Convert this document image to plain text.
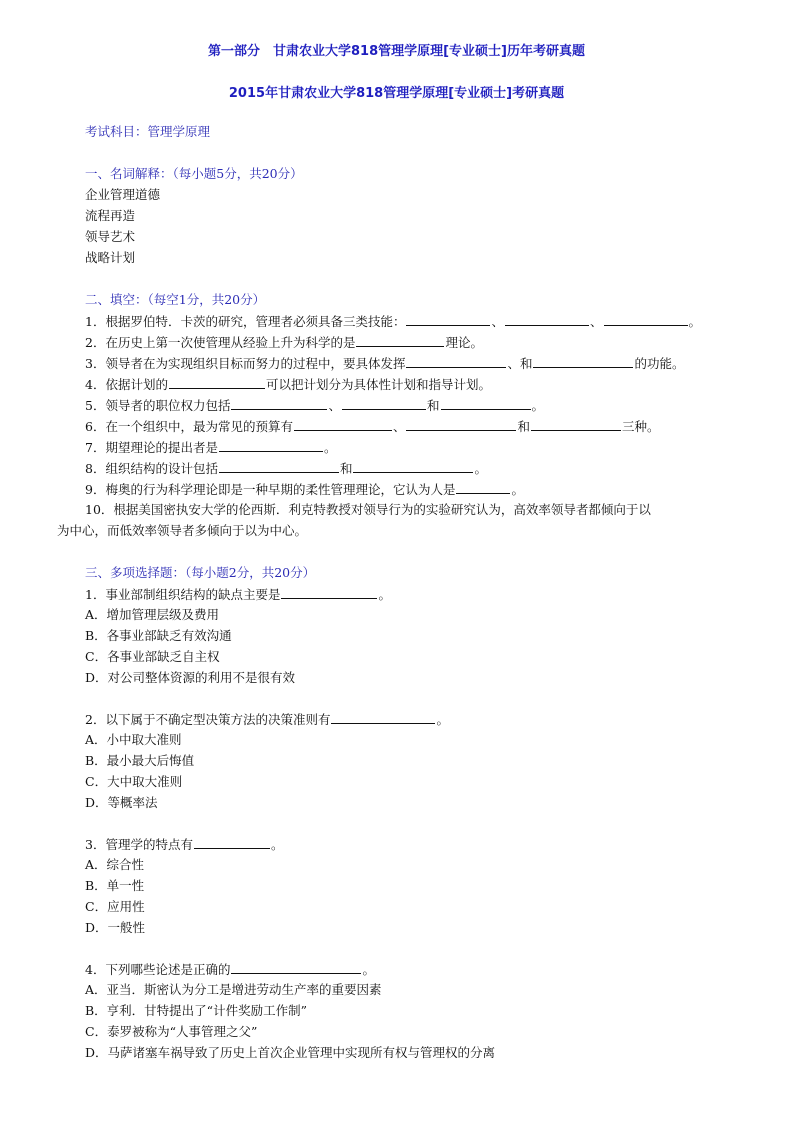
第一部分　甘肃农业大学818管理学原理[专业硕士]历年考研真题
2015年甘肃农业大学818管理学原理[专业硕士]考研真题
考试科目：管理学原理
一、名词解释：（每小题5分，共20分）
企业管理道德
流程再造
领导艺术
战略计划
二、填空：（每空1分，共20分）
1．根据罗伯特．卡茨的研究，管理者必须具备三类技能：	、	、	。
2．在历史上第一次使管理从经验上升为科学的是	理论。
3．领导者在为实现组织目标而努力的过程中，要具体发挥	、和	的功能。
4．依据计划的	可以把计划分为具体性计划和指导计划。
5．领导者的职位权力包括	、	和	。
6．在一个组织中，最为常见的预算有	、	和	三种。
7．期望理论的提出者是	。
8．组织结构的设计包括	和	。
9．梅奥的行为科学理论即是一种早期的柔性管理理论，它认为人是	。
10．根据美国密执安大学的伦西斯．利克特教授对领导行为的实验研究认为，高效率领导者都倾向于以
为中心，而低效率领导者多倾向于以为中心。
三、多项选择题：（每小题2分，共20分）
1．事业部制组织结构的缺点主要是	。
A．增加管理层级及费用
B．各事业部缺乏有效沟通
C．各事业部缺乏自主权
D．对公司整体资源的利用不是很有效
2．以下属于不确定型决策方法的决策准则有	。
A．小中取大准则
B．最小最大后悔值
C．大中取大准则
D．等概率法
3．管理学的特点有	。
A．综合性
B．单一性
C．应用性
D．一般性
4．下列哪些论述是正确的	。
A．亚当．斯密认为分工是增进劳动生产率的重要因素
B．亨利．甘特提出了“计件奖励工作制”
C．泰罗被称为“人事管理之父”
D．马萨诸塞车祸导致了历史上首次企业管理中实现所有权与管理权的分离
